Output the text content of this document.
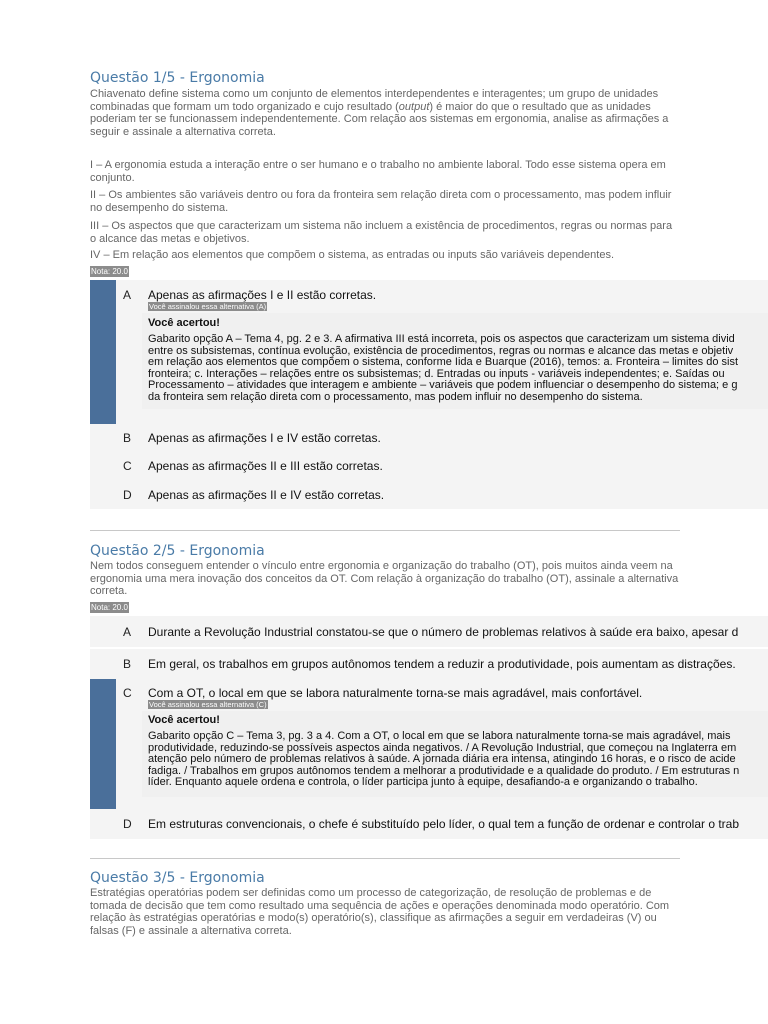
Questão 1/5 - Ergonomia
Chiavenato define sistema como um conjunto de elementos interdependentes e interagentes; um grupo de unidades combinadas que formam um todo organizado e cujo resultado (output) é maior do que o resultado que as unidades poderiam ter se funcionassem independentemente. Com relação aos sistemas em ergonomia, analise as afirmações a seguir e assinale a alternativa correta.
I – A ergonomia estuda a interação entre o ser humano e o trabalho no ambiente laboral. Todo esse sistema opera em conjunto.
II – Os ambientes são variáveis dentro ou fora da fronteira sem relação direta com o processamento, mas podem influir no desempenho do sistema.
III – Os aspectos que que caracterizam um sistema não incluem a existência de procedimentos, regras ou normas para o alcance das metas e objetivos.
IV – Em relação aos elementos que compõem o sistema, as entradas ou inputs são variáveis dependentes.
Nota: 20.0
A	Apenas as afirmações I e II estão corretas.
Você assinalou essa alternativa (A)
Você acertou!
Gabarito opção A – Tema 4, pg. 2 e 3. A afirmativa III está incorreta, pois os aspectos que caracterizam um sistema divid
entre os subsistemas, contínua evolução, existência de procedimentos, regras ou normas e alcance das metas e objetiv
em relação aos elementos que compõem o sistema, conforme Iida e Buarque (2016), temos: a. Fronteira – limites do sist
fronteira; c. Interações – relações entre os subsistemas; d. Entradas ou inputs - variáveis independentes; e. Saídas ou
Processamento – atividades que interagem e ambiente – variáveis que podem influenciar o desempenho do sistema; e g
da fronteira sem relação direta com o processamento, mas podem influir no desempenho do sistema.
B	Apenas as afirmações I e IV estão corretas.
C	Apenas as afirmações II e III estão corretas.
D	Apenas as afirmações II e IV estão corretas.
Questão 2/5 - Ergonomia
Nem todos conseguem entender o vínculo entre ergonomia e organização do trabalho (OT), pois muitos ainda veem na ergonomia uma mera inovação dos conceitos da OT. Com relação à organização do trabalho (OT), assinale a alternativa correta.
Nota: 20.0
A	Durante a Revolução Industrial constatou-se que o número de problemas relativos à saúde era baixo, apesar d
B	Em geral, os trabalhos em grupos autônomos tendem a reduzir a produtividade, pois aumentam as distrações.
C	Com a OT, o local em que se labora naturalmente torna-se mais agradável, mais confortável.
Você assinalou essa alternativa (C)
Você acertou!
Gabarito opção C – Tema 3, pg. 3 a 4. Com a OT, o local em que se labora naturalmente torna-se mais agradável, mais
produtividade, reduzindo-se possíveis aspectos ainda negativos. / A Revolução Industrial, que começou na Inglaterra em
atenção pelo número de problemas relativos à saúde. A jornada diária era intensa, atingindo 16 horas, e o risco de acide
fadiga. / Trabalhos em grupos autônomos tendem a melhorar a produtividade e a qualidade do produto. / Em estruturas n
líder. Enquanto aquele ordena e controla, o líder participa junto à equipe, desafiando-a e organizando o trabalho.
D	Em estruturas convencionais, o chefe é substituído pelo líder, o qual tem a função de ordenar e controlar o trab
Questão 3/5 - Ergonomia
Estratégias operatórias podem ser definidas como um processo de categorização, de resolução de problemas e de tomada de decisão que tem como resultado uma sequência de ações e operações denominada modo operatório. Com relação às estratégias operatórias e modo(s) operatório(s), classifique as afirmações a seguir em verdadeiras (V) ou falsas (F) e assinale a alternativa correta.
